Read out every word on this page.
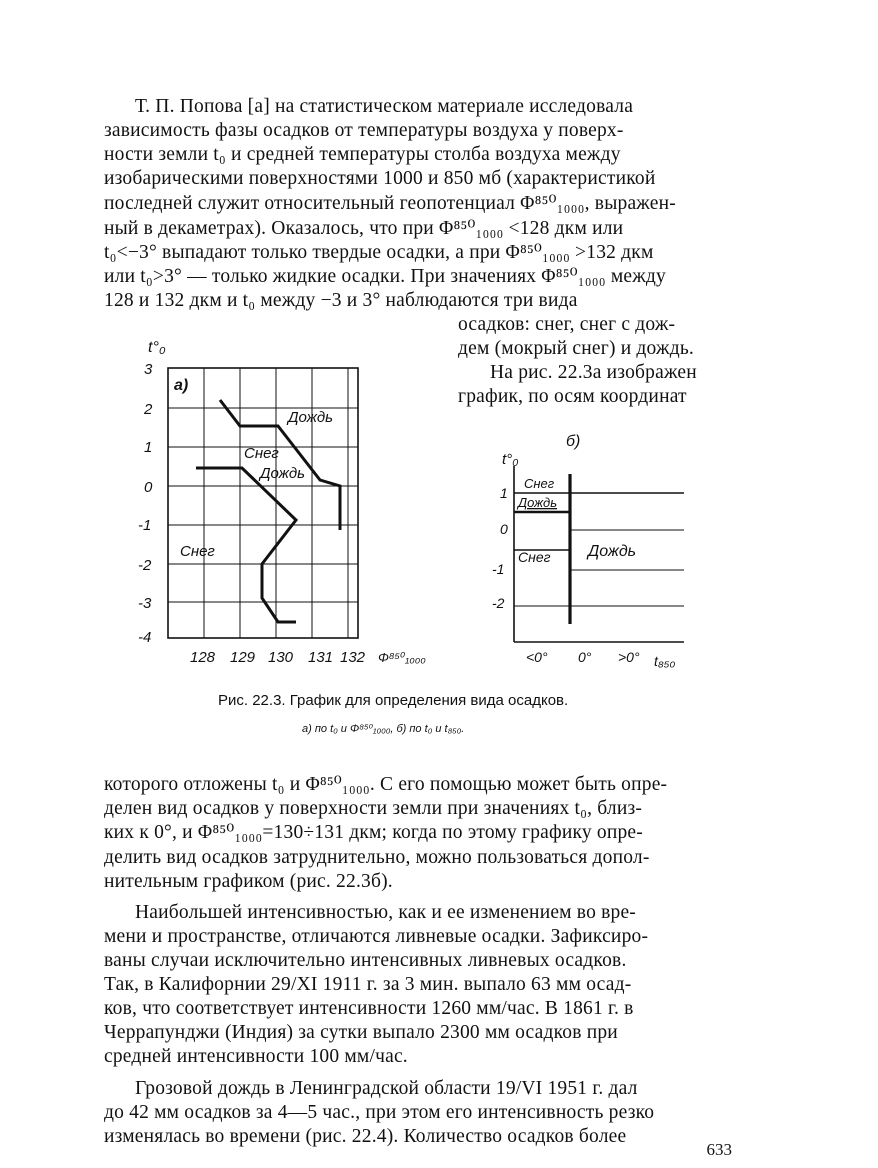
Т. П. Попова [а] на статистическом материале исследовала
зависимость фазы осадков от температуры воздуха у поверх-
ности земли t₀ и средней температуры столба воздуха между
изобарическими поверхностями 1000 и 850 мб (характеристикой
последней служит относительный геопотенциал Φ⁸⁵⁰₁₀₀₀, выражен-
ный в декаметрах). Оказалось, что при Φ⁸⁵⁰₁₀₀₀ <128 дкм или
t₀<−3° выпадают только твердые осадки, а при Φ⁸⁵⁰₁₀₀₀ >132 дкм
или t₀>3° — только жидкие осадки. При значениях Φ⁸⁵⁰₁₀₀₀ между
128 и 132 дкм и t₀ между −3 и 3° наблюдаются три вида
осадков: снег, снег с дож-
дем (мокрый снег) и дождь.
На рис. 22.3а изображен
график, по осям координат
t°₀
3
2
1
0
-1
-2
-3
-4
а)
Дождь
Снег
Дождь
Снег
128 129 130 131 132 Φ⁸⁵⁰₁₀₀₀
б)
t°₀
1
0
-1
-2
Снег
Дождь
Снег Дождь
<0° 0° >0° t₈₅₀
Рис. 22.3. График для определения вида осадков.
а) по t₀ и Φ⁸⁵⁰₁₀₀₀, б) по t₀ и t₈₅₀.
которого отложены t₀ и Φ⁸⁵⁰₁₀₀₀. С его помощью может быть опре-
делен вид осадков у поверхности земли при значениях t₀, близ-
ких к 0°, и Φ⁸⁵⁰₁₀₀₀=130÷131 дкм; когда по этому графику опре-
делить вид осадков затруднительно, можно пользоваться допол-
нительным графиком (рис. 22.3б).
Наибольшей интенсивностью, как и ее изменением во вре-
мени и пространстве, отличаются ливневые осадки. Зафиксиро-
ваны случаи исключительно интенсивных ливневых осадков.
Так, в Калифорнии 29/XI 1911 г. за 3 мин. выпало 63 мм осад-
ков, что соответствует интенсивности 1260 мм/час. В 1861 г. в
Черрапунджи (Индия) за сутки выпало 2300 мм осадков при
средней интенсивности 100 мм/час.
Грозовой дождь в Ленинградской области 19/VI 1951 г. дал
до 42 мм осадков за 4—5 час., при этом его интенсивность резко
изменялась во времени (рис. 22.4). Количество осадков более
633
